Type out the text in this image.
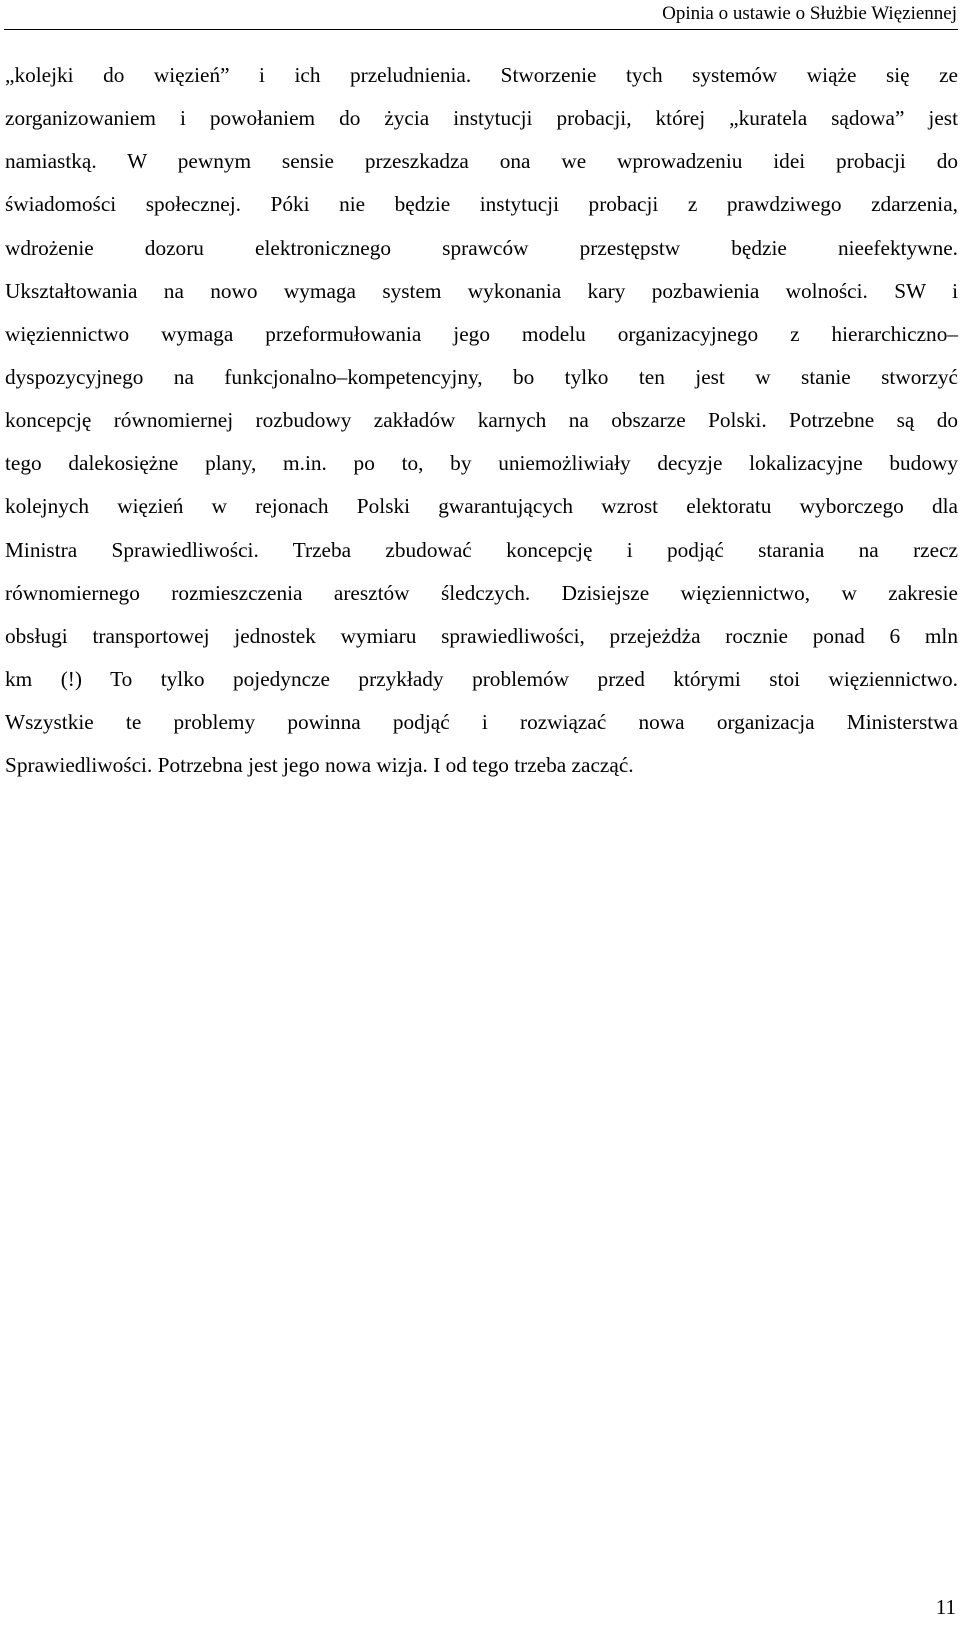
Opinia o ustawie o Służbie Więziennej
„kolejki do więzień” i ich przeludnienia. Stworzenie tych systemów wiąże się ze
zorganizowaniem i powołaniem do życia instytucji probacji, której „kuratela sądowa” jest
namiastką. W pewnym sensie przeszkadza ona we wprowadzeniu idei probacji do
świadomości społecznej. Póki nie będzie instytucji probacji z prawdziwego zdarzenia,
wdrożenie dozoru elektronicznego sprawców przestępstw będzie nieefektywne.
Ukształtowania na nowo wymaga system wykonania kary pozbawienia wolności. SW i
więziennictwo wymaga przeformułowania jego modelu organizacyjnego z hierarchiczno–
dyspozycyjnego na funkcjonalno–kompetencyjny, bo tylko ten jest w stanie stworzyć
koncepcję równomiernej rozbudowy zakładów karnych na obszarze Polski. Potrzebne są do
tego dalekosiężne plany, m.in. po to, by uniemożliwiały decyzje lokalizacyjne budowy
kolejnych więzień w rejonach Polski gwarantujących wzrost elektoratu wyborczego dla
Ministra Sprawiedliwości. Trzeba zbudować koncepcję i podjąć starania na rzecz
równomiernego rozmieszczenia aresztów śledczych. Dzisiejsze więziennictwo, w zakresie
obsługi transportowej jednostek wymiaru sprawiedliwości, przejeżdża rocznie ponad 6 mln
km (!) To tylko pojedyncze przykłady problemów przed którymi stoi więziennictwo.
Wszystkie te problemy powinna podjąć i rozwiązać nowa organizacja Ministerstwa
Sprawiedliwości. Potrzebna jest jego nowa wizja. I od tego trzeba zacząć.
11
